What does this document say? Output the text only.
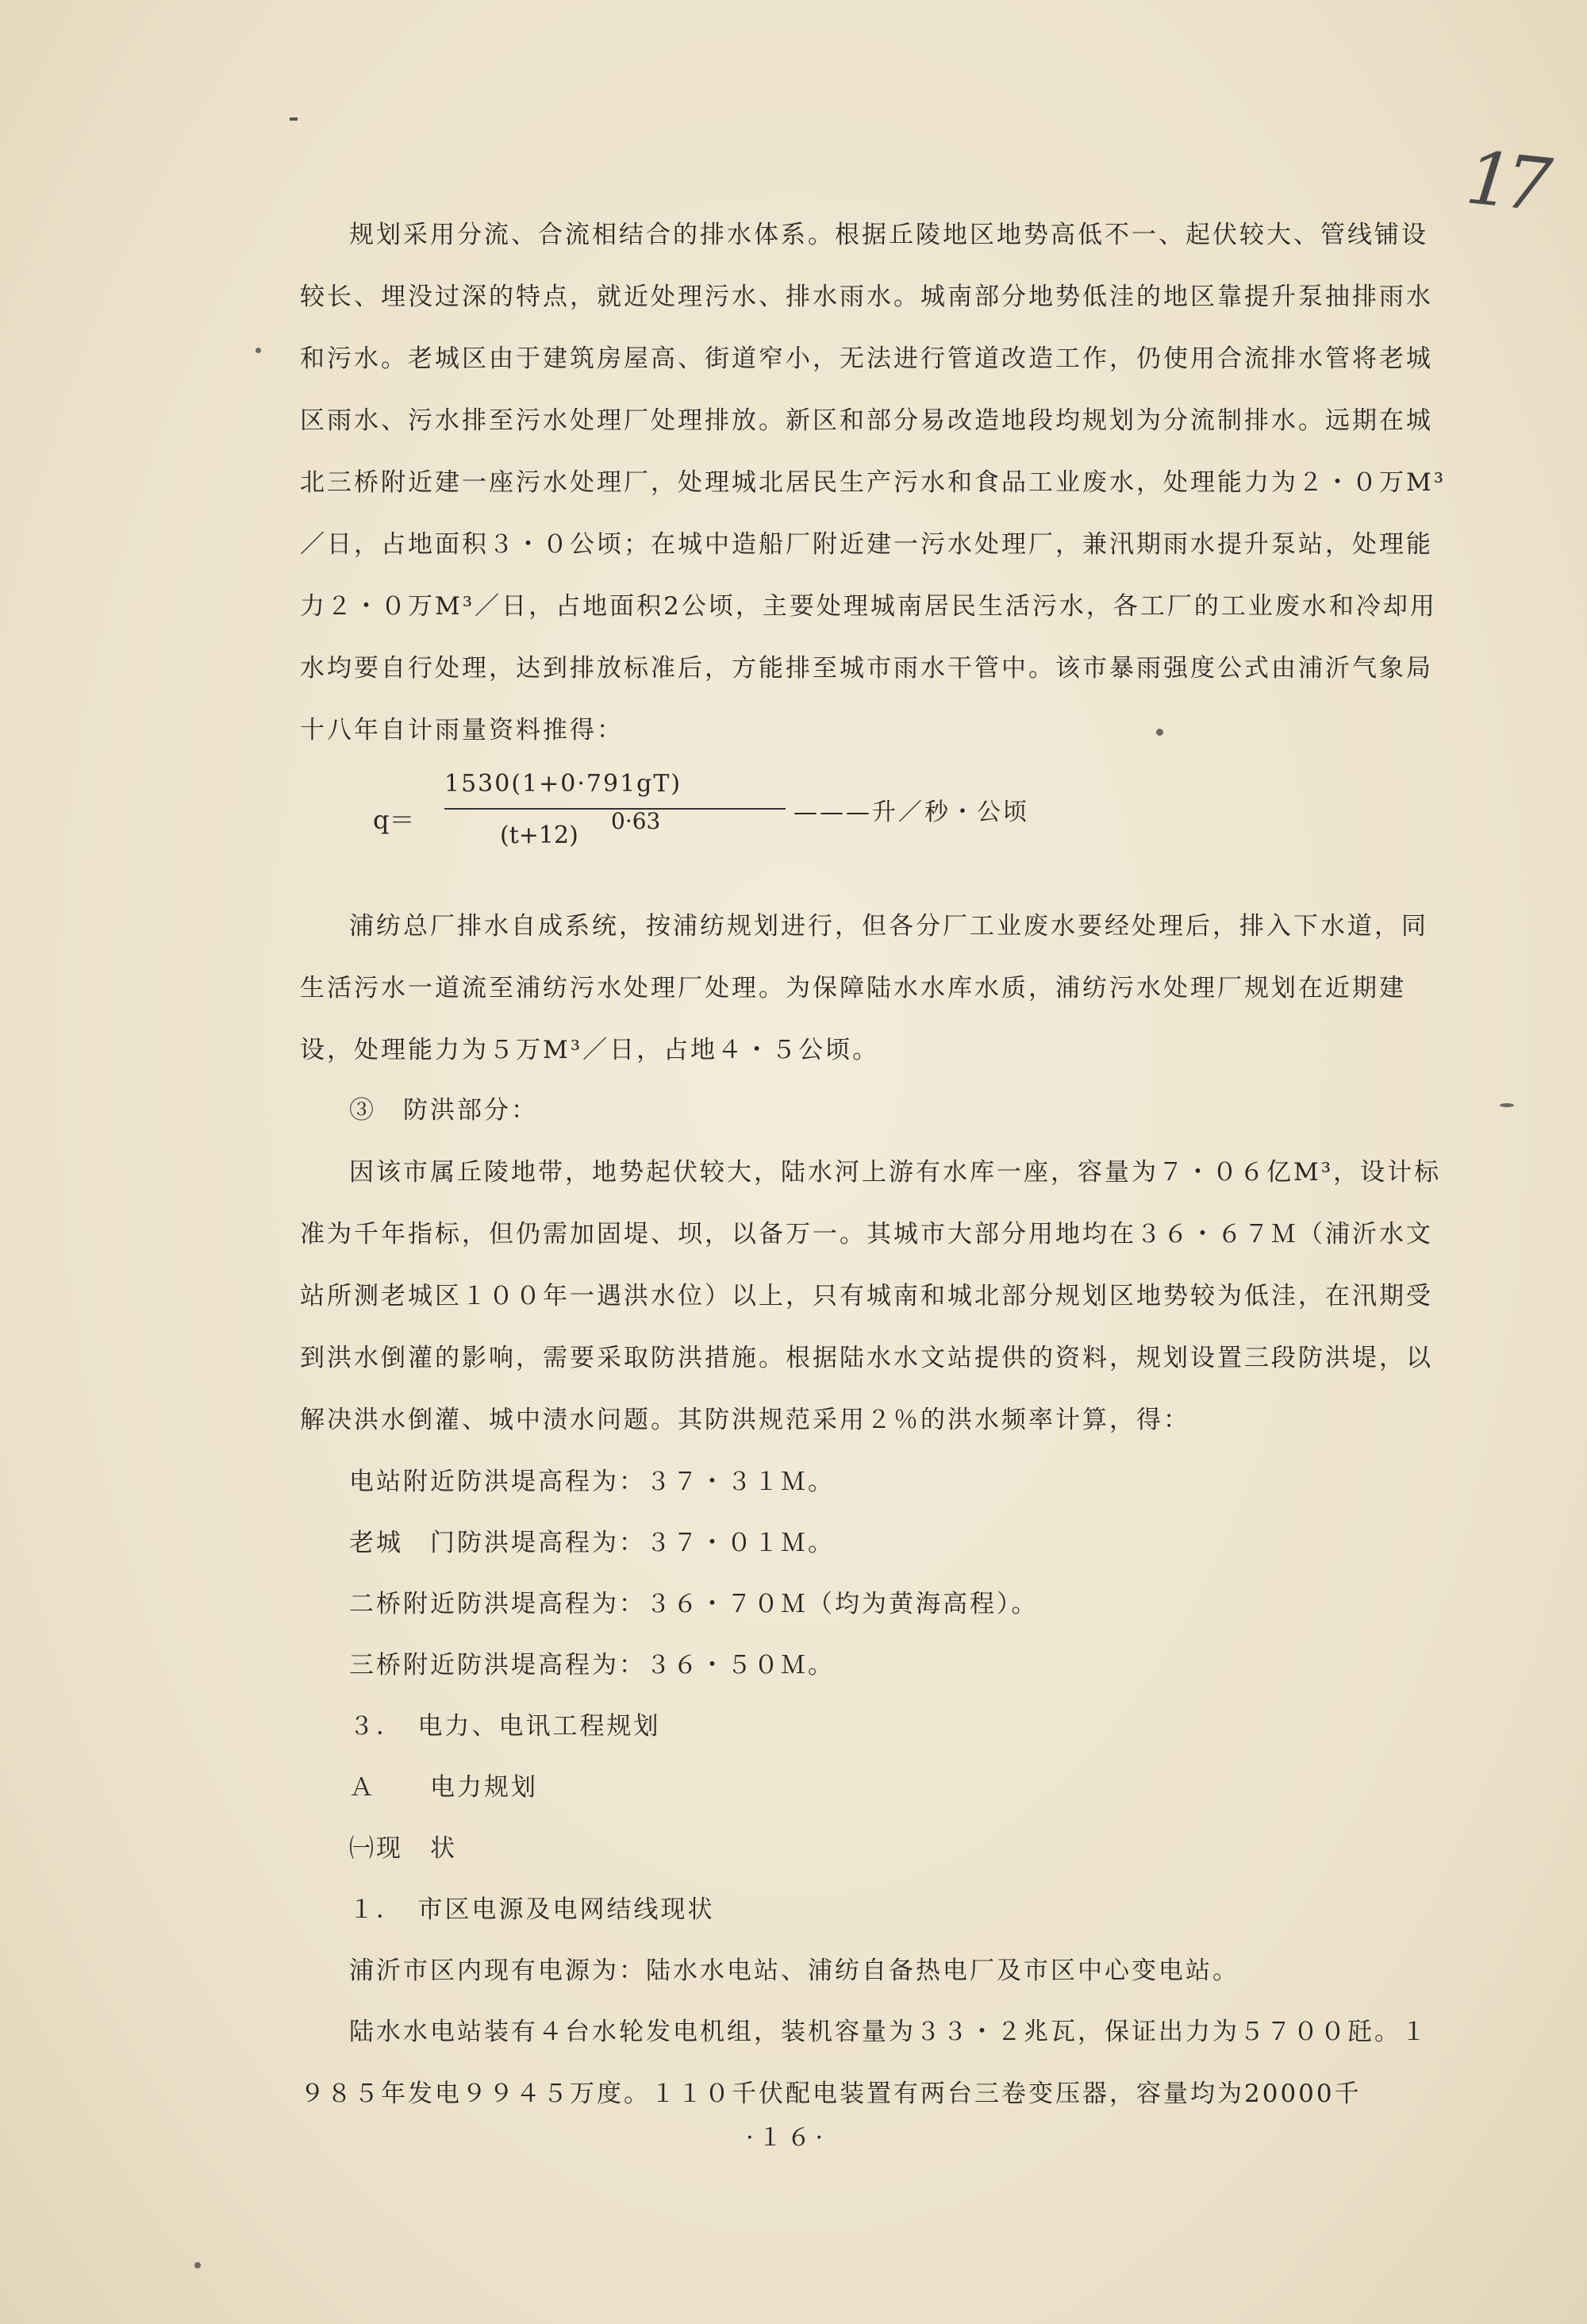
17
规划采用分流、合流相结合的排水体系。根据丘陵地区地势高低不一、起伏较大、管线铺设较长、埋没过深的特点，就近处理污水、排水雨水。城南部分地势低洼的地区靠提升泵抽排雨水和污水。老城区由于建筑房屋高、街道窄小，无法进行管道改造工作，仍使用合流排水管将老城区雨水、污水排至污水处理厂处理排放。新区和部分易改造地段均规划为分流制排水。远期在城北三桥附近建一座污水处理厂，处理城北居民生产污水和食品工业废水，处理能力为２・０万M³／日，占地面积３・０公顷；在城中造船厂附近建一污水处理厂，兼汛期雨水提升泵站，处理能力２・０万M³／日，占地面积2公顷，主要处理城南居民生活污水，各工厂的工业废水和冷却用水均要自行处理，达到排放标准后，方能排至城市雨水干管中。该市暴雨强度公式由浦沂气象局十八年自计雨量资料推得：
q＝
1530(1+0·791gT)
———升／秒・公顷
(t+12)
0·63
浦纺总厂排水自成系统，按浦纺规划进行，但各分厂工业废水要经处理后，排入下水道，同生活污水一道流至浦纺污水处理厂处理。为保障陆水水库水质，浦纺污水处理厂规划在近期建设，处理能力为５万M³／日，占地４・５公顷。
③　防洪部分：
因该市属丘陵地带，地势起伏较大，陆水河上游有水库一座，容量为７・０６亿M³，设计标准为千年指标，但仍需加固堤、坝，以备万一。其城市大部分用地均在３６・６７Ｍ（浦沂水文站所测老城区１００年一遇洪水位）以上，只有城南和城北部分规划区地势较为低洼，在汛期受到洪水倒灌的影响，需要采取防洪措施。根据陆水水文站提供的资料，规划设置三段防洪堤，以解决洪水倒灌、城中渍水问题。其防洪规范采用２％的洪水频率计算，得：
电站附近防洪堤高程为：３７・３１Ｍ。
老城　门防洪堤高程为：３７・０１Ｍ。
二桥附近防洪堤高程为：３６・７０Ｍ（均为黄海高程）。
三桥附近防洪堤高程为：３６・５０Ｍ。
３．　电力、电讯工程规划
Ａ　　电力规划
㈠现　状
１．　市区电源及电网结线现状
浦沂市区内现有电源为：陆水水电站、浦纺自备热电厂及市区中心变电站。
陆水水电站装有４台水轮发电机组，装机容量为３３・２兆瓦，保证出力为５７００瓩。１９８５年发电９９４５万度。１１０千伏配电装置有两台三卷变压器，容量均为20000千
·１６·
